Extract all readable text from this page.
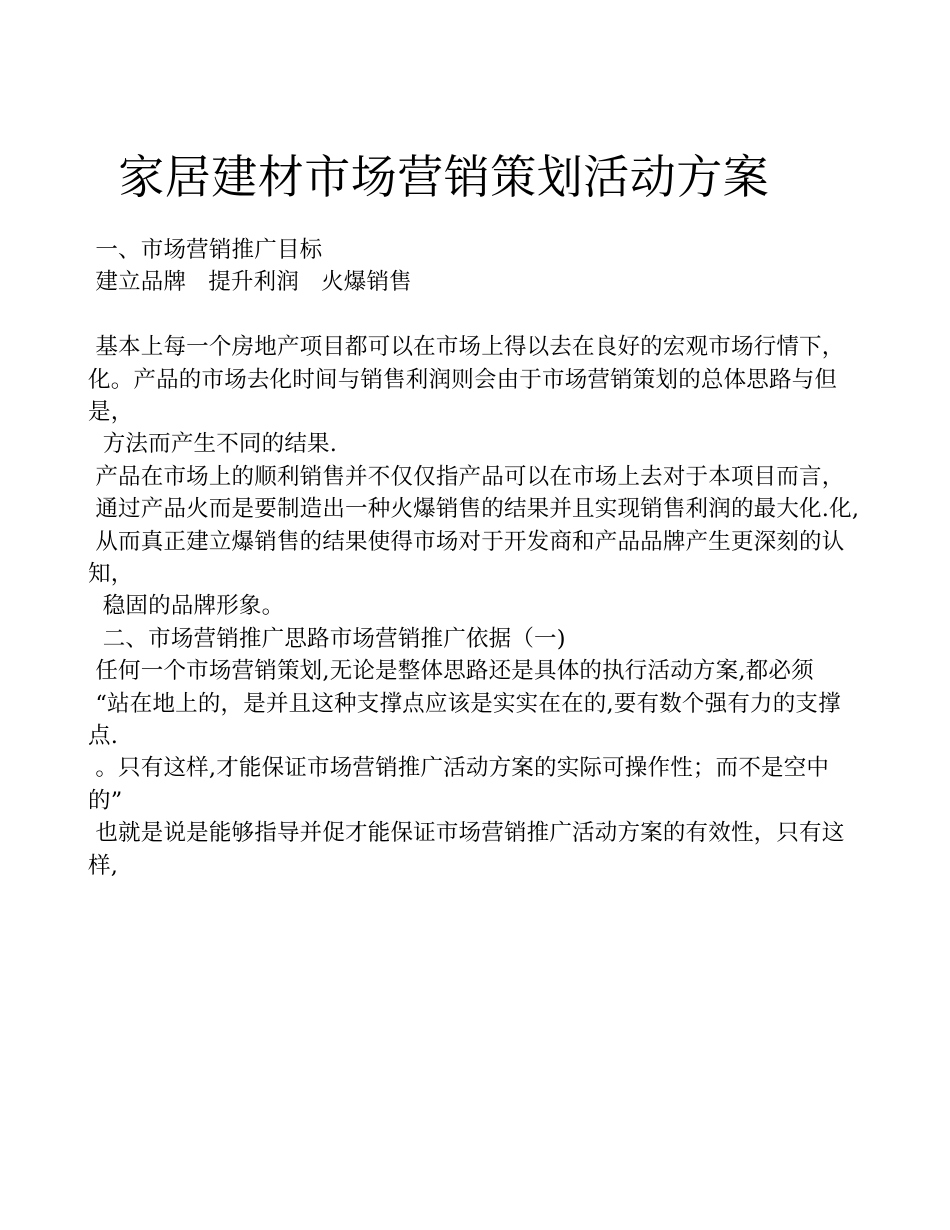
家居建材市场营销策划活动方案

一、市场营销推广目标

建立品牌   提升利润   火爆销售

基本上每一个房地产项目都可以在市场上得以去在良好的宏观市场行情下，

化。产品的市场去化时间与销售利润则会由于市场营销策划的总体思路与但是，

方法而产生不同的结果.

产品在市场上的顺利销售并不仅仅指产品可以在市场上去对于本项目而言，

通过产品火而是要制造出一种火爆销售的结果并且实现销售利润的最大化.化,

从而真正建立爆销售的结果使得市场对于开发商和产品品牌产生更深刻的认知，

稳固的品牌形象。

二、市场营销推广思路市场营销推广依据（一)

任何一个市场营销策划,无论是整体思路还是具体的执行活动方案,都必须

“站在地上的，是并且这种支撑点应该是实实在在的,要有数个强有力的支撑点.

。只有这样,才能保证市场营销推广活动方案的实际可操作性；而不是空中的”

也就是说是能够指导并促才能保证市场营销推广活动方案的有效性，只有这样,
